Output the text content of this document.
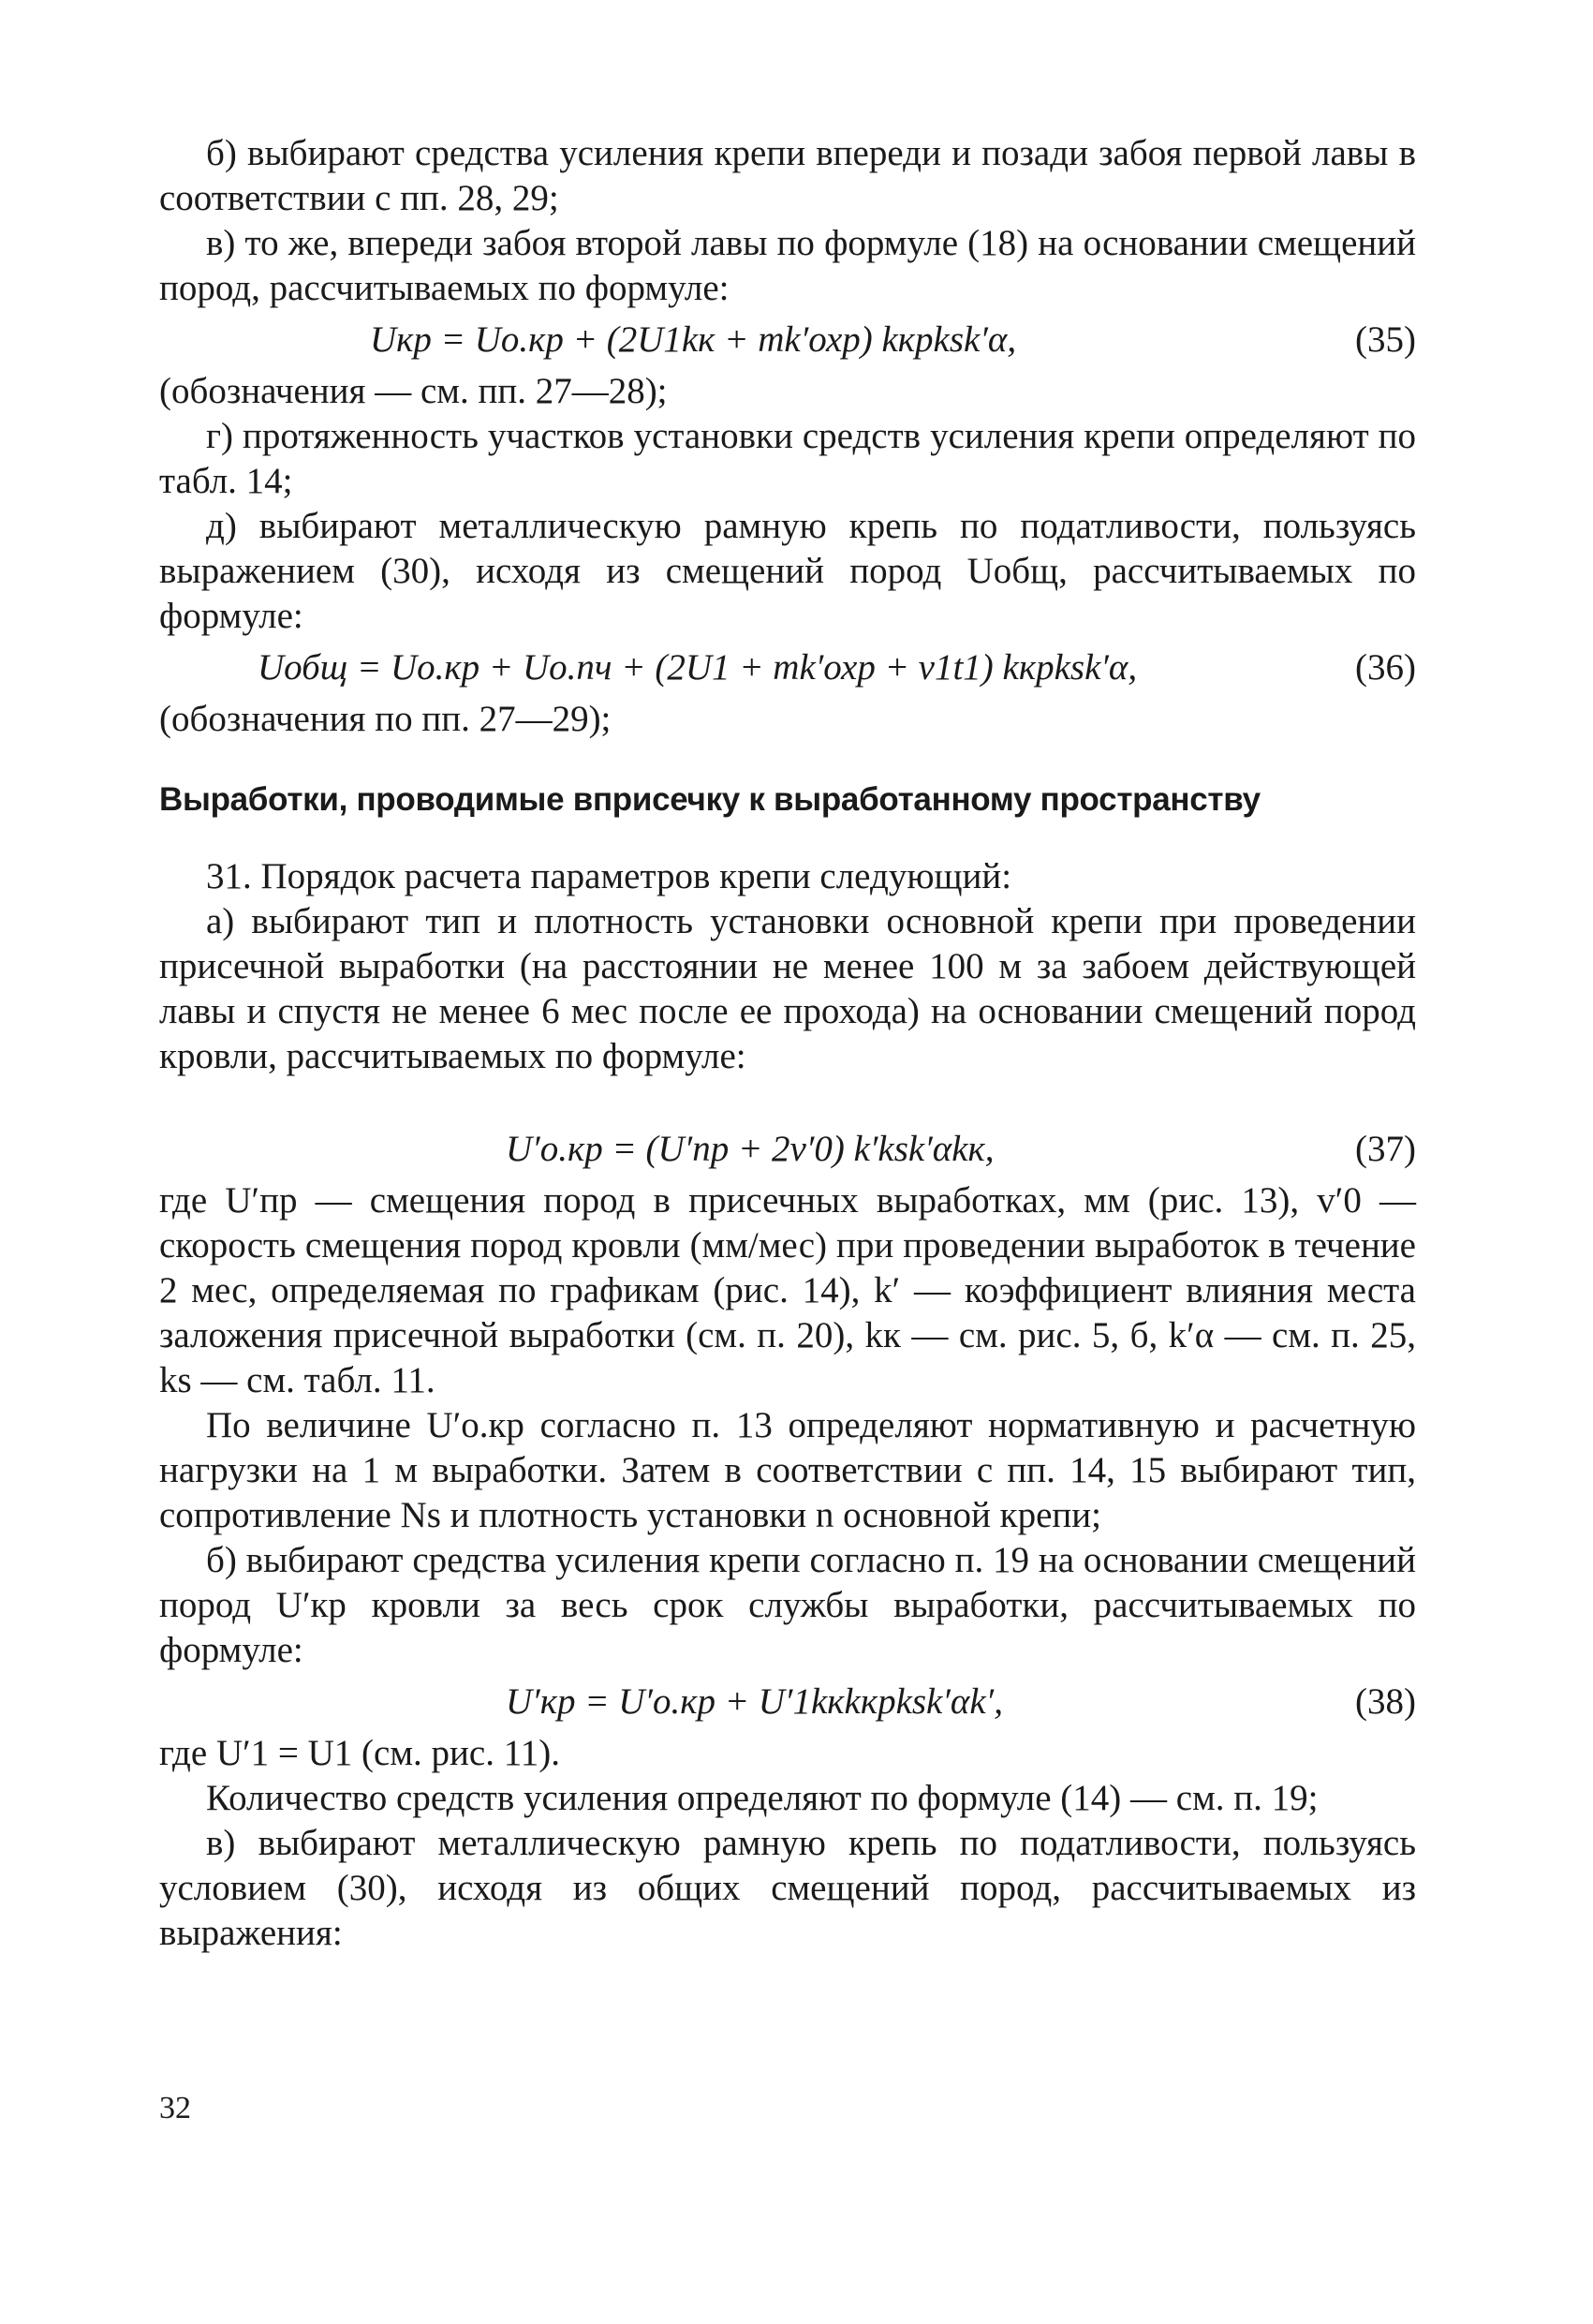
б) выбирают средства усиления крепи впереди и позади забоя первой лавы в соответствии с пп. 28, 29;

в) то же, впереди забоя второй лавы по формуле (18) на основании смещений пород, рассчитываемых по формуле:

Uкр = Uо.кр + (2U1kк + mk′охр) kкрksk′α,	(35)

(обозначения — см. пп. 27—28);

г) протяженность участков установки средств усиления крепи определяют по табл. 14;

д) выбирают металлическую рамную крепь по податливости, пользуясь выражением (30), исходя из смещений пород Uобщ, рассчитываемых по формуле:

Uобщ = Uо.кр + Uо.пч + (2U1 + mk′охр + v1t1) kкрksk′α,	(36)

(обозначения по пп. 27—29);

Выработки, проводимые вприсечку к выработанному пространству

31. Порядок расчета параметров крепи следующий:

а) выбирают тип и плотность установки основной крепи при проведении присечной выработки (на расстоянии не менее 100 м за забоем действующей лавы и спустя не менее 6 мес после ее прохода) на основании смещений пород кровли, рассчитываемых по формуле:

U′о.кр = (U′пр + 2v′0) k′ksk′αkк,	(37)

где U′пр — смещения пород в присечных выработках, мм (рис. 13), v′0 — скорость смещения пород кровли (мм/мес) при проведении выработок в течение 2 мес, определяемая по графикам (рис. 14), k′ — коэффициент влияния места заложения присечной выработки (см. п. 20), kк — см. рис. 5, б, k′α — см. п. 25, ks — см. табл. 11.

По величине U′о.кр согласно п. 13 определяют нормативную и расчетную нагрузки на 1 м выработки. Затем в соответствии с пп. 14, 15 выбирают тип, сопротивление Ns и плотность установки n основной крепи;

б) выбирают средства усиления крепи согласно п. 19 на основании смещений пород U′кр кровли за весь срок службы выработки, рассчитываемых по формуле:

U′кр = U′о.кр + U′1kкkкрksk′αk′,	(38)

где U′1 = U1 (см. рис. 11).

Количество средств усиления определяют по формуле (14) — см. п. 19;

в) выбирают металлическую рамную крепь по податливости, пользуясь условием (30), исходя из общих смещений пород, рассчитываемых из выражения:

32
